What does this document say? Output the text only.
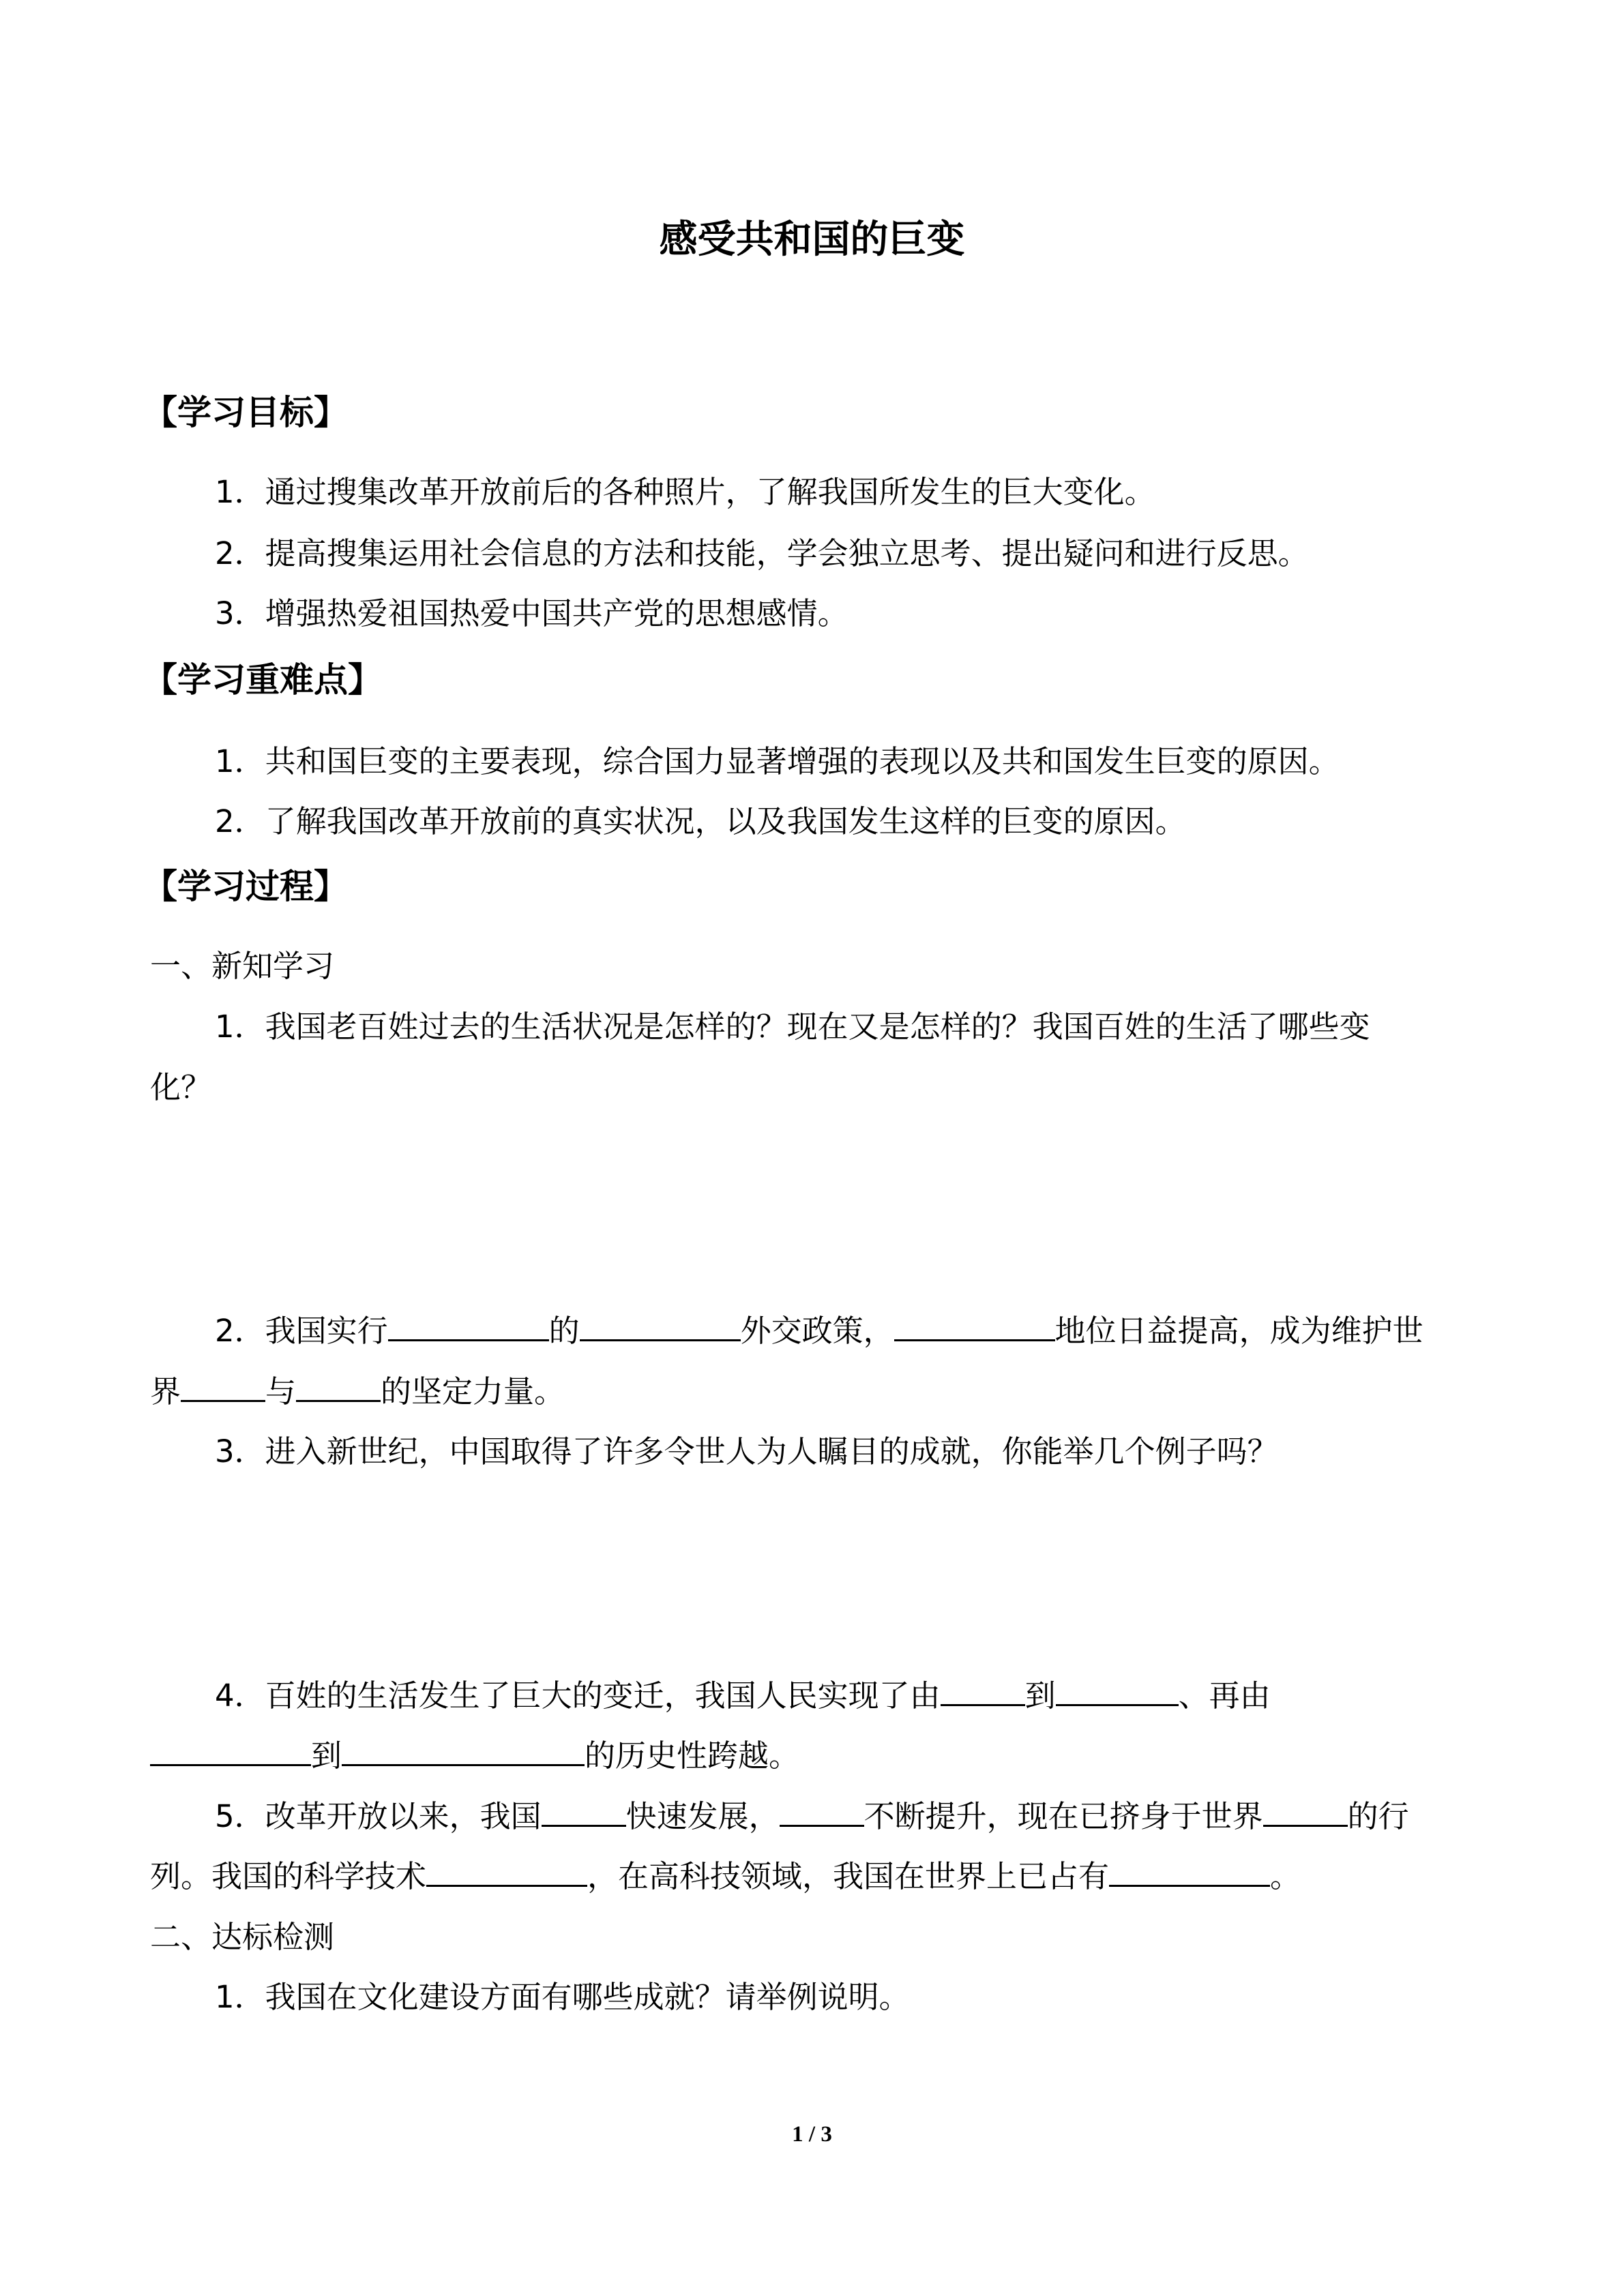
感受共和国的巨变
【学习目标】
1．通过搜集改革开放前后的各种照片，了解我国所发生的巨大变化。
2．提高搜集运用社会信息的方法和技能，学会独立思考、提出疑问和进行反思。
3．增强热爱祖国热爱中国共产党的思想感情。
【学习重难点】
1．共和国巨变的主要表现，综合国力显著增强的表现以及共和国发生巨变的原因。
2．了解我国改革开放前的真实状况，以及我国发生这样的巨变的原因。
【学习过程】
一、新知学习
1．我国老百姓过去的生活状况是怎样的？现在又是怎样的？我国百姓的生活了哪些变
化？
2．我国实行	的	外交政策，	地位日益提高，成为维护世
界	与	的坚定力量。
3．进入新世纪，中国取得了许多令世人为人瞩目的成就，你能举几个例子吗？
4．百姓的生活发生了巨大的变迁，我国人民实现了由	到	、再由
到	的历史性跨越。
5．改革开放以来，我国	快速发展，	不断提升，现在已挤身于世界	的行
列。我国的科学技术	，在高科技领域，我国在世界上已占有	。
二、达标检测
1．我国在文化建设方面有哪些成就？请举例说明。
1 / 3
